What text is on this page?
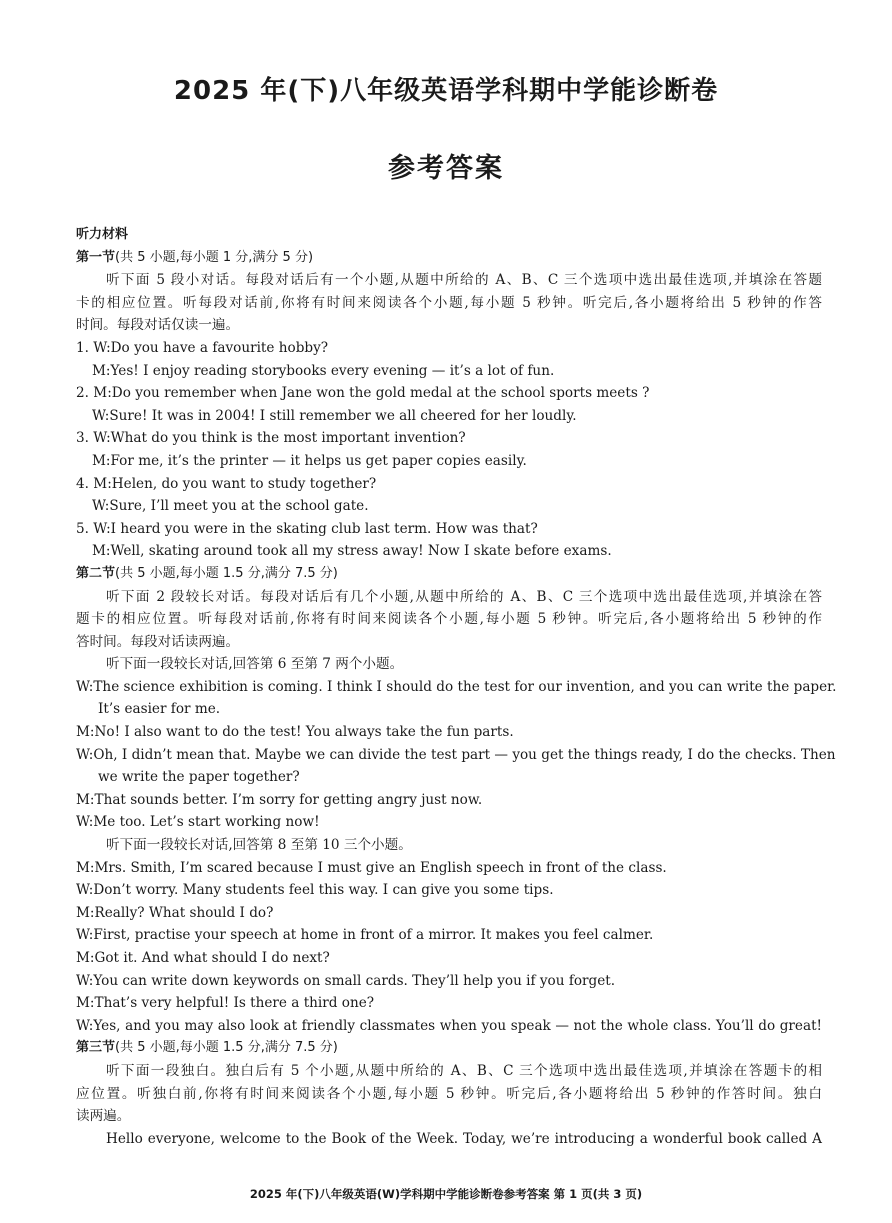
2025 年(下)八年级英语学科期中学能诊断卷
参考答案
听力材料
第一节(共 5 小题,每小题 1 分,满分 5 分)
听下面 5 段小对话。每段对话后有一个小题,从题中所给的 A、B、C 三个选项中选出最佳选项,并填涂在答题
卡的相应位置。听每段对话前,你将有时间来阅读各个小题,每小题 5 秒钟。听完后,各小题将给出 5 秒钟的作答
时间。每段对话仅读一遍。
1. W:Do you have a favourite hobby?
M:Yes! I enjoy reading storybooks every evening — it’s a lot of fun.
2. M:Do you remember when Jane won the gold medal at the school sports meets ?
W:Sure! It was in 2004! I still remember we all cheered for her loudly.
3. W:What do you think is the most important invention?
M:For me, it’s the printer — it helps us get paper copies easily.
4. M:Helen, do you want to study together?
W:Sure, I’ll meet you at the school gate.
5. W:I heard you were in the skating club last term. How was that?
M:Well, skating around took all my stress away! Now I skate before exams.
第二节(共 5 小题,每小题 1.5 分,满分 7.5 分)
听下面 2 段较长对话。每段对话后有几个小题,从题中所给的 A、B、C 三个选项中选出最佳选项,并填涂在答
题卡的相应位置。听每段对话前,你将有时间来阅读各个小题,每小题 5 秒钟。听完后,各小题将给出 5 秒钟的作
答时间。每段对话读两遍。
听下面一段较长对话,回答第 6 至第 7 两个小题。
W:The science exhibition is coming. I think I should do the test for our invention, and you can write the paper.
It’s easier for me.
M:No! I also want to do the test! You always take the fun parts.
W:Oh, I didn’t mean that. Maybe we can divide the test part — you get the things ready, I do the checks. Then
we write the paper together?
M:That sounds better. I’m sorry for getting angry just now.
W:Me too. Let’s start working now!
听下面一段较长对话,回答第 8 至第 10 三个小题。
M:Mrs. Smith, I’m scared because I must give an English speech in front of the class.
W:Don’t worry. Many students feel this way. I can give you some tips.
M:Really? What should I do?
W:First, practise your speech at home in front of a mirror. It makes you feel calmer.
M:Got it. And what should I do next?
W:You can write down keywords on small cards. They’ll help you if you forget.
M:That’s very helpful! Is there a third one?
W:Yes, and you may also look at friendly classmates when you speak — not the whole class. You’ll do great!
第三节(共 5 小题,每小题 1.5 分,满分 7.5 分)
听下面一段独白。独白后有 5 个小题,从题中所给的 A、B、C 三个选项中选出最佳选项,并填涂在答题卡的相
应位置。听独白前,你将有时间来阅读各个小题,每小题 5 秒钟。听完后,各小题将给出 5 秒钟的作答时间。独白
读两遍。
Hello everyone, welcome to the Book of the Week. Today, we’re introducing a wonderful book called A
2025 年(下)八年级英语(W)学科期中学能诊断卷参考答案 第 1 页(共 3 页)
